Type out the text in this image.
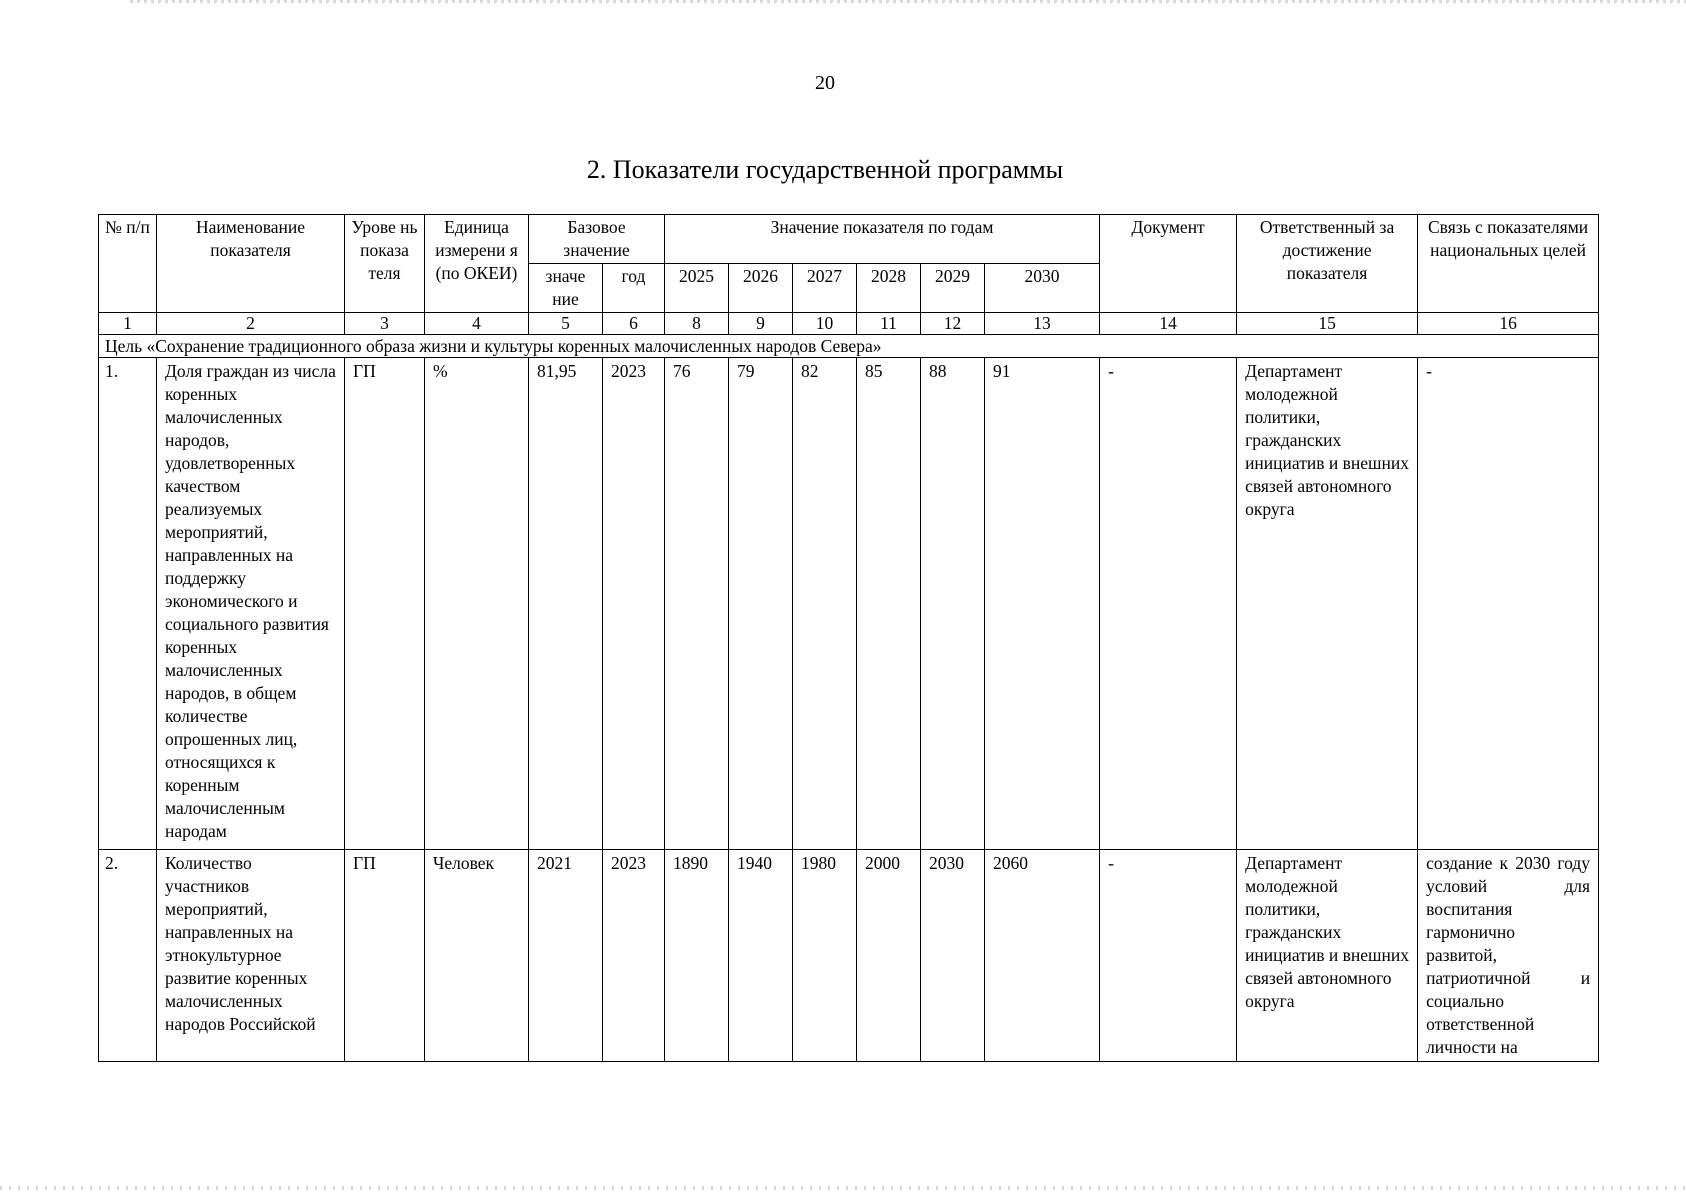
20
2. Показатели государственной программы
№ п/п	Наименование показателя	Урове нь показа теля	Единица измерени я (по ОКЕИ)	Базовое значение		Значение показателя по годам						Документ	Ответственный за достижение показателя	Связь с показателями национальных целей
				значе ние	год	2025	2026	2027	2028	2029	2030			
1	2	3	4	5	6	8	9	10	11	12	13	14	15	16
Цель «Сохранение традиционного образа жизни и культуры коренных малочисленных народов Севера»														
1.	Доля граждан из числа коренных малочисленных народов, удовлетворенных качеством реализуемых мероприятий, направленных на поддержку экономического и социального развития коренных малочисленных народов, в общем количестве опрошенных лиц, относящихся к коренным малочисленным народам	ГП	%	81,95	2023	76	79	82	85	88	91	-	Департамент молодежной политики, гражданских инициатив и внешних связей автономного округа	-
2.	Количество участников мероприятий, направленных на этнокультурное развитие коренных малочисленных народов Российской	ГП	Человек	2021	2023	1890	1940	1980	2000	2030	2060	-	Департамент молодежной политики, гражданских инициатив и внешних связей автономного округа	создание к 2030 году условий для воспитания гармонично развитой, патриотичной и социально ответственной личности на
